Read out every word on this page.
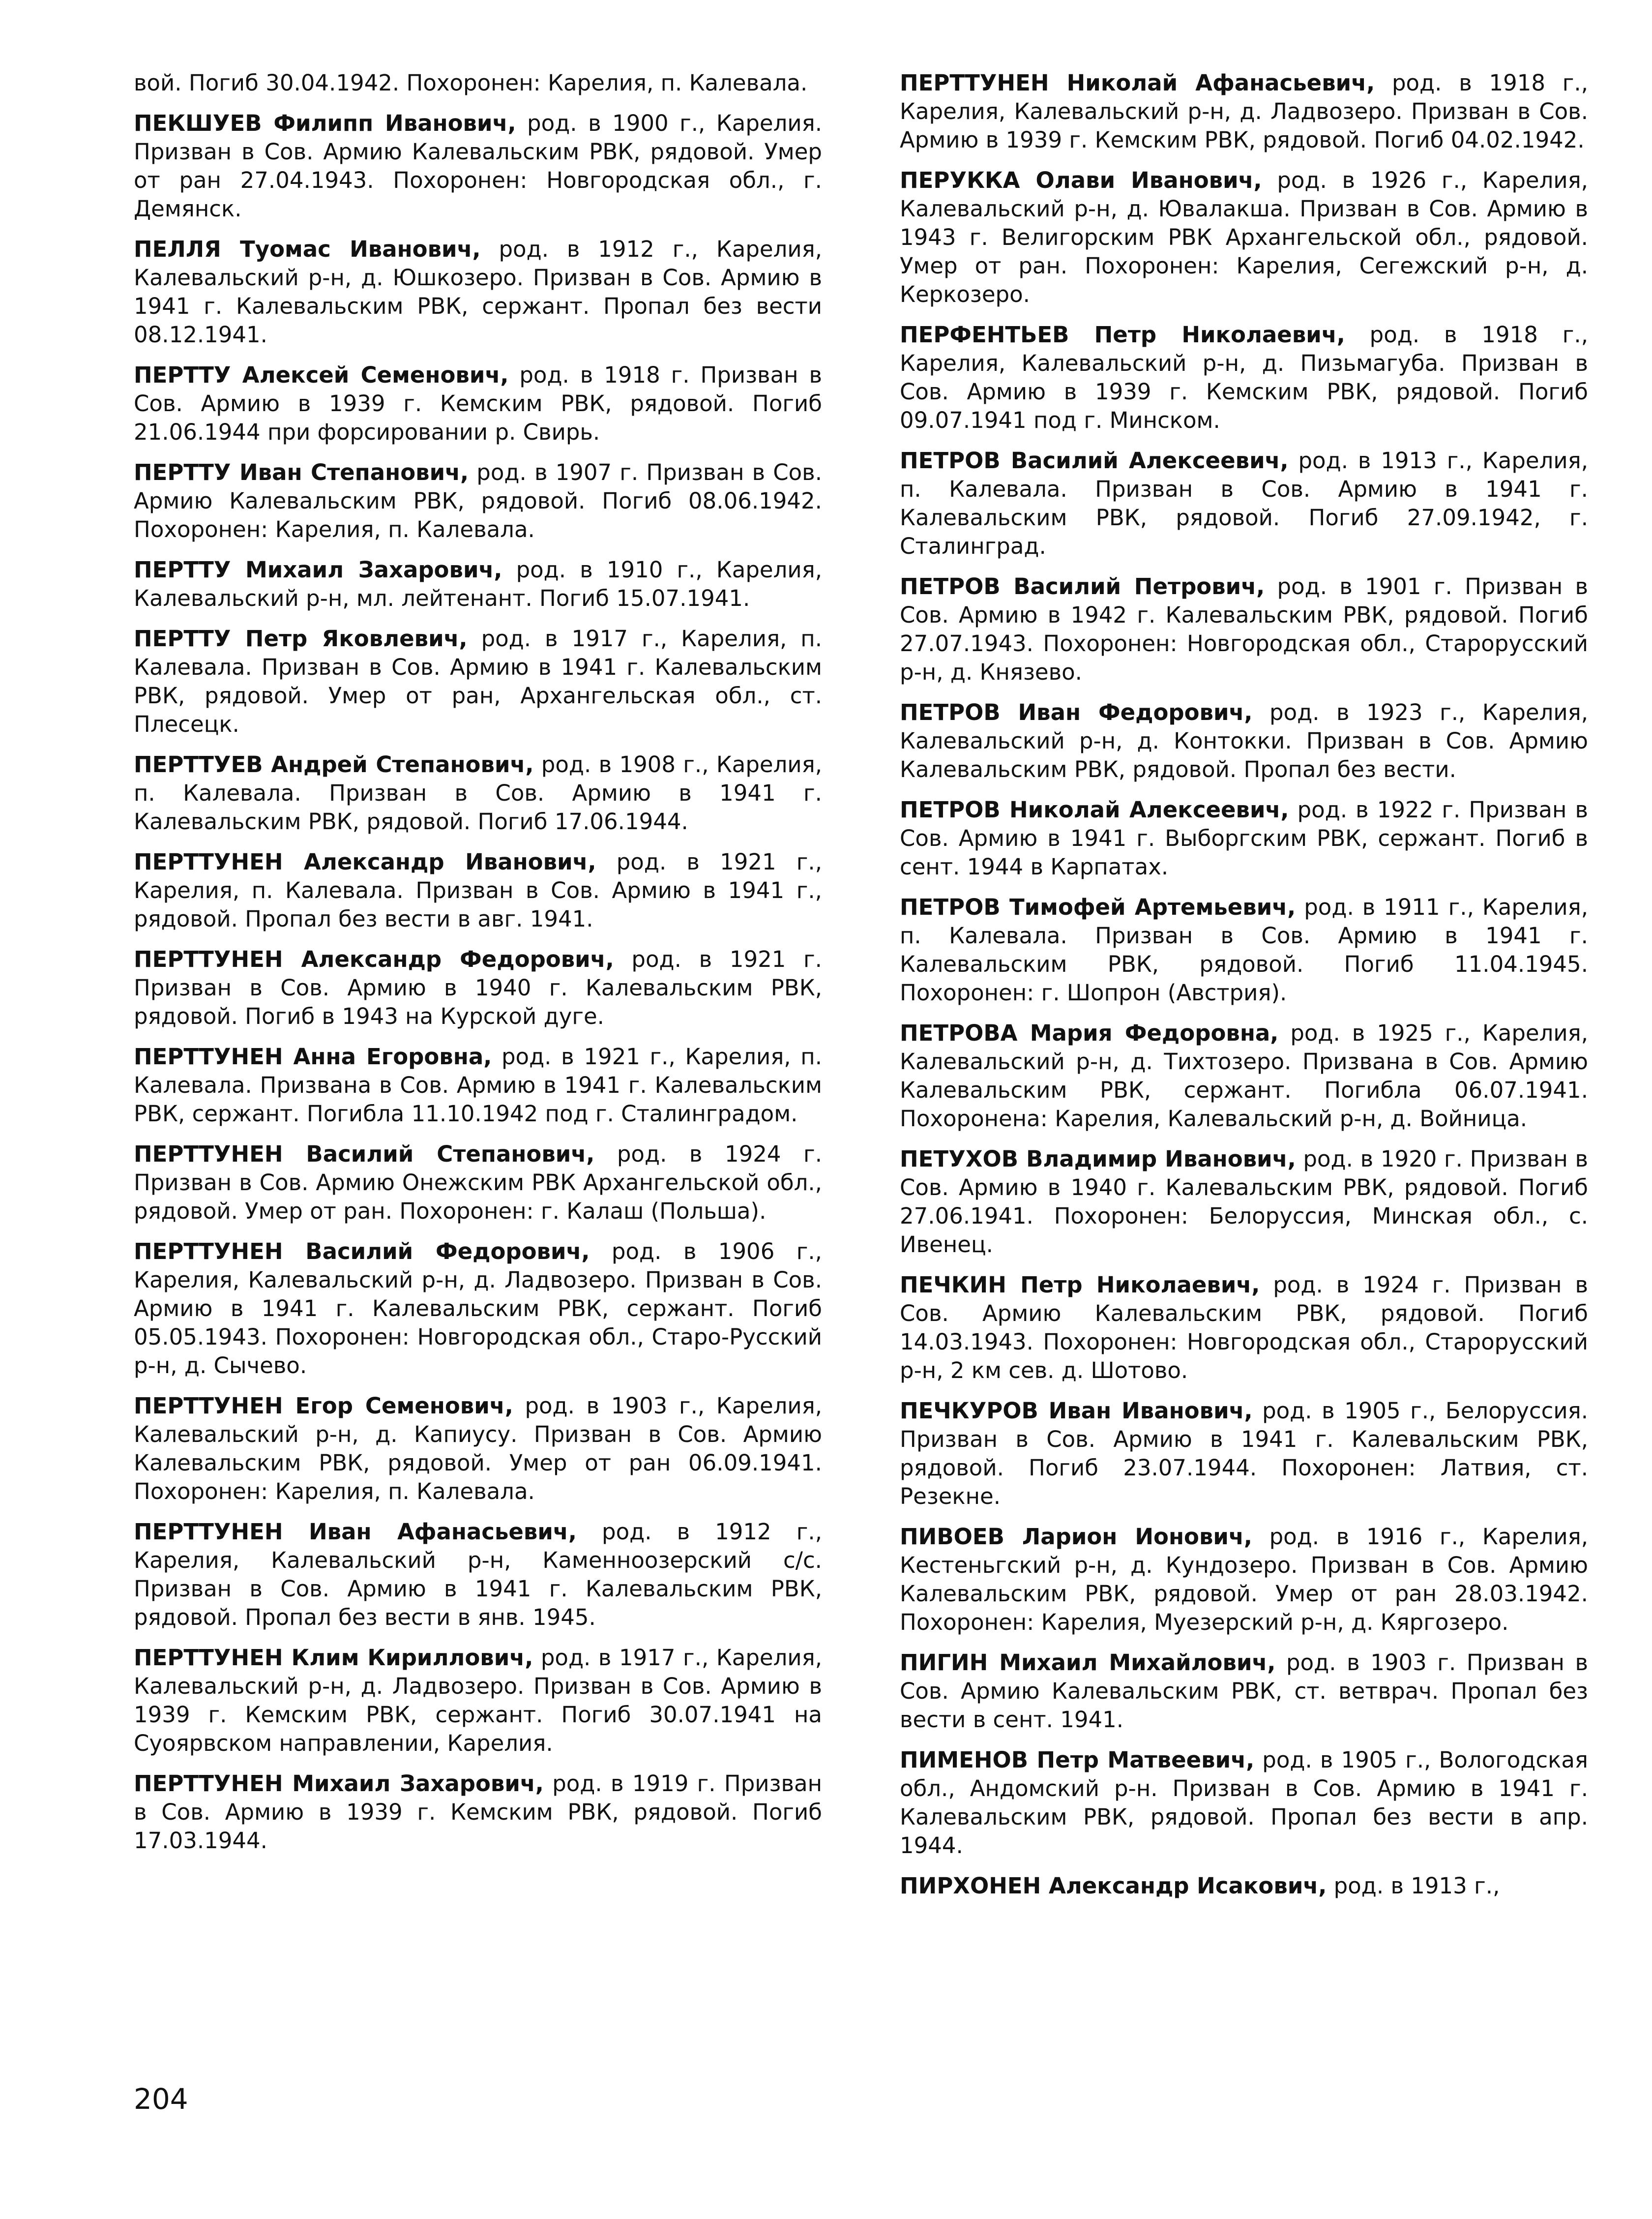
вой. Погиб 30.04.1942. Похоронен: Карелия, п. Калевала.

ПЕКШУЕВ Филипп Иванович, род. в 1900 г., Карелия. Призван в Сов. Армию Калевальским РВК, рядовой. Умер от ран 27.04.1943. Похоронен: Новгородская обл., г. Демянск.

ПЕЛЛЯ Туомас Иванович, род. в 1912 г., Карелия, Калевальский р-н, д. Юшкозеро. Призван в Сов. Армию в 1941 г. Калевальским РВК, сержант. Пропал без вести 08.12.1941.

ПЕРТТУ Алексей Семенович, род. в 1918 г. Призван в Сов. Армию в 1939 г. Кемским РВК, рядовой. Погиб 21.06.1944 при форсировании р. Свирь.

ПЕРТТУ Иван Степанович, род. в 1907 г. Призван в Сов. Армию Калевальским РВК, рядовой. Погиб 08.06.1942. Похоронен: Карелия, п. Калевала.

ПЕРТТУ Михаил Захарович, род. в 1910 г., Карелия, Калевальский р-н, мл. лейтенант. Погиб 15.07.1941.

ПЕРТТУ Петр Яковлевич, род. в 1917 г., Карелия, п. Калевала. Призван в Сов. Армию в 1941 г. Калевальским РВК, рядовой. Умер от ран, Архангельская обл., ст. Плесецк.

ПЕРТТУЕВ Андрей Степанович, род. в 1908 г., Карелия, п. Калевала. Призван в Сов. Армию в 1941 г. Калевальским РВК, рядовой. Погиб 17.06.1944.

ПЕРТТУНЕН Александр Иванович, род. в 1921 г., Карелия, п. Калевала. Призван в Сов. Армию в 1941 г., рядовой. Пропал без вести в авг. 1941.

ПЕРТТУНЕН Александр Федорович, род. в 1921 г. Призван в Сов. Армию в 1940 г. Калевальским РВК, рядовой. Погиб в 1943 на Курской дуге.

ПЕРТТУНЕН Анна Егоровна, род. в 1921 г., Карелия, п. Калевала. Призвана в Сов. Армию в 1941 г. Калевальским РВК, сержант. Погибла 11.10.1942 под г. Сталинградом.

ПЕРТТУНЕН Василий Степанович, род. в 1924 г. Призван в Сов. Армию Онежским РВК Архангельской обл., рядовой. Умер от ран. Похоронен: г. Калаш (Польша).

ПЕРТТУНЕН Василий Федорович, род. в 1906 г., Карелия, Калевальский р-н, д. Ладвозеро. Призван в Сов. Армию в 1941 г. Калевальским РВК, сержант. Погиб 05.05.1943. Похоронен: Новгородская обл., Старо-Русский р-н, д. Сычево.

ПЕРТТУНЕН Егор Семенович, род. в 1903 г., Карелия, Калевальский р-н, д. Капиусу. Призван в Сов. Армию Калевальским РВК, рядовой. Умер от ран 06.09.1941. Похоронен: Карелия, п. Калевала.

ПЕРТТУНЕН Иван Афанасьевич, род. в 1912 г., Карелия, Калевальский р-н, Каменноозерский с/с. Призван в Сов. Армию в 1941 г. Калевальским РВК, рядовой. Пропал без вести в янв. 1945.

ПЕРТТУНЕН Клим Кириллович, род. в 1917 г., Карелия, Калевальский р-н, д. Ладвозеро. Призван в Сов. Армию в 1939 г. Кемским РВК, сержант. Погиб 30.07.1941 на Суоярвском направлении, Карелия.

ПЕРТТУНЕН Михаил Захарович, род. в 1919 г. Призван в Сов. Армию в 1939 г. Кемским РВК, рядовой. Погиб 17.03.1944.

ПЕРТТУНЕН Николай Афанасьевич, род. в 1918 г., Карелия, Калевальский р-н, д. Ладвозеро. Призван в Сов. Армию в 1939 г. Кемским РВК, рядовой. Погиб 04.02.1942.

ПЕРУККА Олави Иванович, род. в 1926 г., Карелия, Калевальский р-н, д. Ювалакша. Призван в Сов. Армию в 1943 г. Велигорским РВК Архангельской обл., рядовой. Умер от ран. Похоронен: Карелия, Сегежский р-н, д. Керкозеро.

ПЕРФЕНТЬЕВ Петр Николаевич, род. в 1918 г., Карелия, Калевальский р-н, д. Пизьмагуба. Призван в Сов. Армию в 1939 г. Кемским РВК, рядовой. Погиб 09.07.1941 под г. Минском.

ПЕТРОВ Василий Алексеевич, род. в 1913 г., Карелия, п. Калевала. Призван в Сов. Армию в 1941 г. Калевальским РВК, рядовой. Погиб 27.09.1942, г. Сталинград.

ПЕТРОВ Василий Петрович, род. в 1901 г. Призван в Сов. Армию в 1942 г. Калевальским РВК, рядовой. Погиб 27.07.1943. Похоронен: Новгородская обл., Старорусский р-н, д. Князево.

ПЕТРОВ Иван Федорович, род. в 1923 г., Карелия, Калевальский р-н, д. Контокки. Призван в Сов. Армию Калевальским РВК, рядовой. Пропал без вести.

ПЕТРОВ Николай Алексеевич, род. в 1922 г. Призван в Сов. Армию в 1941 г. Выборгским РВК, сержант. Погиб в сент. 1944 в Карпатах.

ПЕТРОВ Тимофей Артемьевич, род. в 1911 г., Карелия, п. Калевала. Призван в Сов. Армию в 1941 г. Калевальским РВК, рядовой. Погиб 11.04.1945. Похоронен: г. Шопрон (Австрия).

ПЕТРОВА Мария Федоровна, род. в 1925 г., Карелия, Калевальский р-н, д. Тихтозеро. Призвана в Сов. Армию Калевальским РВК, сержант. Погибла 06.07.1941. Похоронена: Карелия, Калевальский р-н, д. Войница.

ПЕТУХОВ Владимир Иванович, род. в 1920 г. Призван в Сов. Армию в 1940 г. Калевальским РВК, рядовой. Погиб 27.06.1941. Похоронен: Белоруссия, Минская обл., с. Ивенец.

ПЕЧКИН Петр Николаевич, род. в 1924 г. Призван в Сов. Армию Калевальским РВК, рядовой. Погиб 14.03.1943. Похоронен: Новгородская обл., Старорусский р-н, 2 км сев. д. Шотово.

ПЕЧКУРОВ Иван Иванович, род. в 1905 г., Белоруссия. Призван в Сов. Армию в 1941 г. Калевальским РВК, рядовой. Погиб 23.07.1944. Похоронен: Латвия, ст. Резекне.

ПИВОЕВ Ларион Ионович, род. в 1916 г., Карелия, Кестеньгский р-н, д. Кундозеро. Призван в Сов. Армию Калевальским РВК, рядовой. Умер от ран 28.03.1942. Похоронен: Карелия, Муезерский р-н, д. Кяргозеро.

ПИГИН Михаил Михайлович, род. в 1903 г. Призван в Сов. Армию Калевальским РВК, ст. ветврач. Пропал без вести в сент. 1941.

ПИМЕНОВ Петр Матвеевич, род. в 1905 г., Вологодская обл., Андомский р-н. Призван в Сов. Армию в 1941 г. Калевальским РВК, рядовой. Пропал без вести в апр. 1944.

ПИРХОНЕН Александр Исакович, род. в 1913 г.,

204
